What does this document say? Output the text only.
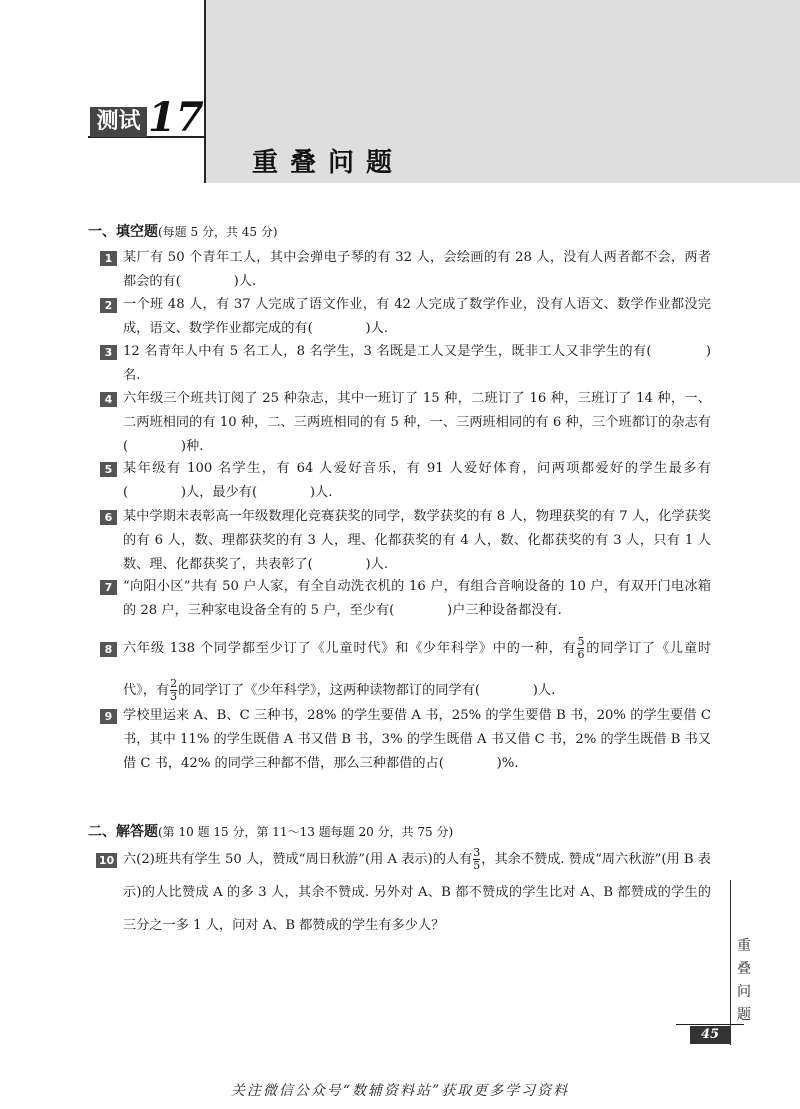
测试 17
重叠问题
一、填空题(每题 5 分，共 45 分)
1 某厂有 50 个青年工人，其中会弹电子琴的有 32 人，会绘画的有 28 人，没有人两者都不会，两者都会的有(　　　　)人.
2 一个班 48 人，有 37 人完成了语文作业，有 42 人完成了数学作业，没有人语文、数学作业都没完成，语文、数学作业都完成的有(　　　　)人.
3 12 名青年人中有 5 名工人，8 名学生，3 名既是工人又是学生，既非工人又非学生的有(　　　　)名.
4 六年级三个班共订阅了 25 种杂志，其中一班订了 15 种，二班订了 16 种，三班订了 14 种，一、二两班相同的有 10 种，二、三两班相同的有 5 种，一、三两班相同的有 6 种，三个班都订的杂志有(　　　　)种.
5 某年级有 100 名学生，有 64 人爱好音乐，有 91 人爱好体育，问两项都爱好的学生最多有(　　　　)人，最少有(　　　　)人.
6 某中学期末表彰高一年级数理化竞赛获奖的同学，数学获奖的有 8 人，物理获奖的有 7 人，化学获奖的有 6 人，数、理都获奖的有 3 人，理、化都获奖的有 4 人，数、化都获奖的有 3 人，只有 1 人数、理、化都获奖了，共表彰了(　　　　)人.
7 “向阳小区”共有 50 户人家，有全自动洗衣机的 16 户，有组合音响设备的 10 户，有双开门电冰箱的 28 户，三种家电设备全有的 5 户，至少有(　　　　)户三种设备都没有.
8 六年级 138 个同学都至少订了《儿童时代》和《少年科学》中的一种，有 $\frac{5}{6}$ 的同学订了《儿童时代》，有 $\frac{2}{3}$ 的同学订了《少年科学》，这两种读物都订的同学有(　　　　)人.
9 学校里运来 A、B、C 三种书，28% 的学生要借 A 书，25% 的学生要借 B 书，20% 的学生要借 C 书，其中 11% 的学生既借 A 书又借 B 书，3% 的学生既借 A 书又借 C 书，2% 的学生既借 B 书又借 C 书，42% 的同学三种都不借，那么三种都借的占(　　　　)%.
二、解答题(第 10 题 15 分，第 11～13 题每题 20 分，共 75 分)
10 六(2)班共有学生 50 人，赞成“周日秋游”(用 A 表示)的人有 $\frac{3}{5}$ ，其余不赞成. 赞成“周六秋游”(用 B 表示)的人比赞成 A 的多 3 人，其余不赞成. 另外对 A、B 都不赞成的学生比对 A、B 都赞成的学生的三分之一多 1 人，问对 A、B 都赞成的学生有多少人？
重叠问题
45
关注微信公众号“数辅资料站”获取更多学习资料
